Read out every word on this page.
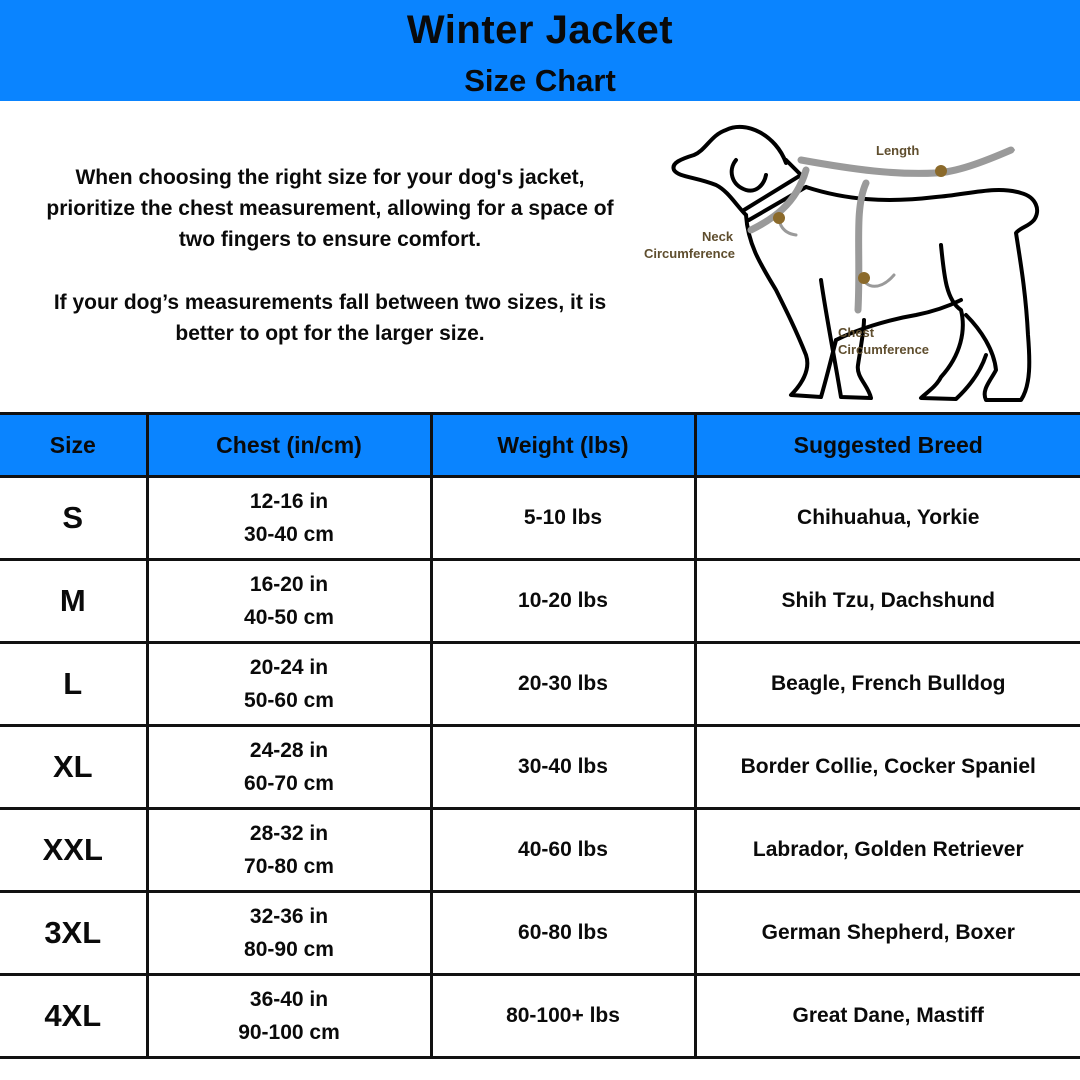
Winter Jacket
Size Chart
When choosing the right size for your dog's jacket, prioritize the chest measurement, allowing for a space of two fingers to ensure comfort.
If your dog’s measurements fall between two sizes, it is better to opt for the larger size.
Length
Neck
Circumference
Chest
Circumference
Size	Chest (in/cm)	Weight (lbs)	Suggested Breed
S	12-16 in
30-40 cm	5-10 lbs	Chihuahua, Yorkie
M	16-20 in
40-50 cm	10-20 lbs	Shih Tzu, Dachshund
L	20-24 in
50-60 cm	20-30 lbs	Beagle, French Bulldog
XL	24-28 in
60-70 cm	30-40 lbs	Border Collie, Cocker Spaniel
XXL	28-32 in
70-80 cm	40-60 lbs	Labrador, Golden Retriever
3XL	32-36 in
80-90 cm	60-80 lbs	German Shepherd, Boxer
4XL	36-40 in
90-100 cm	80-100+ lbs	Great Dane, Mastiff
